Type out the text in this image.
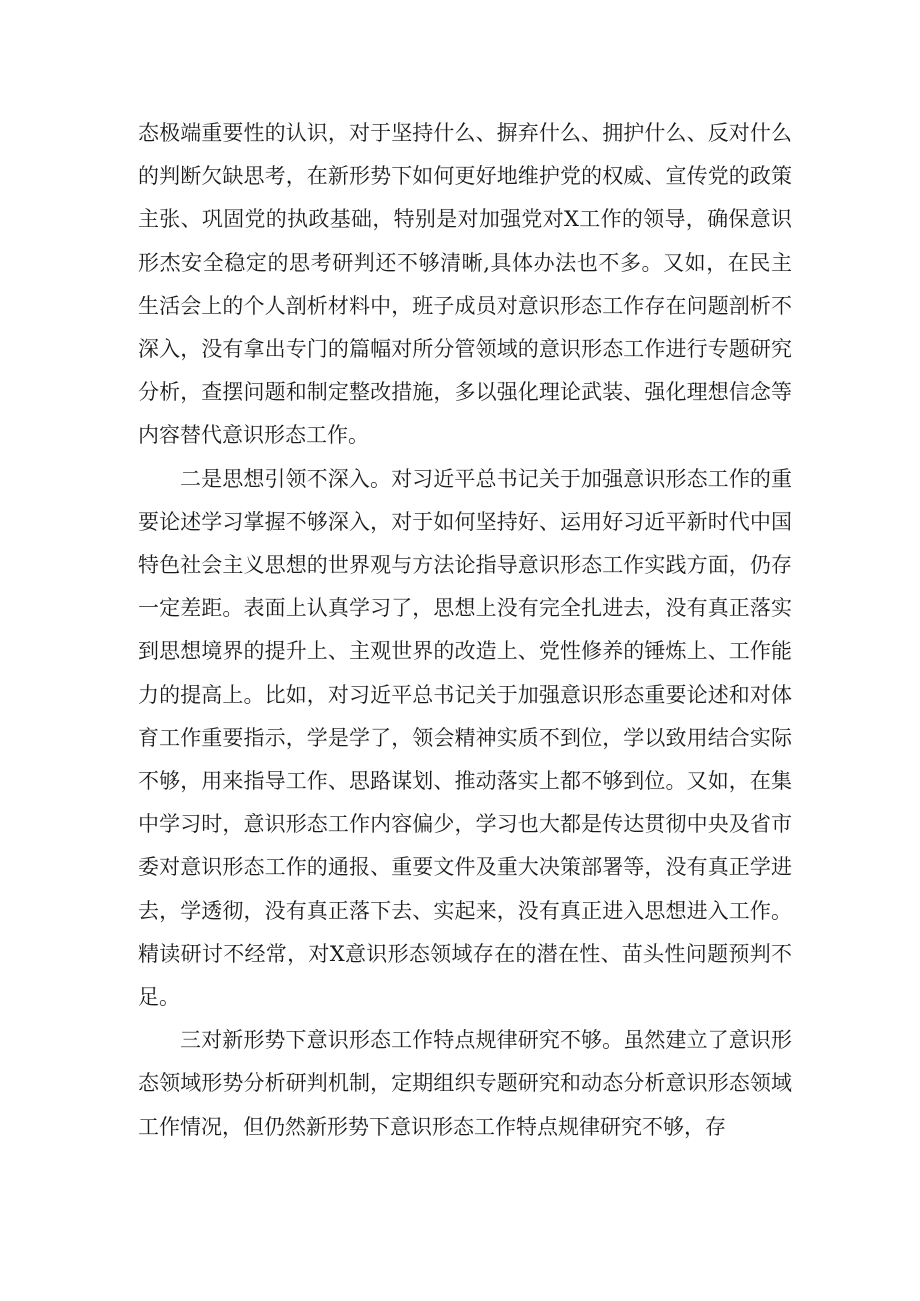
态极端重要性的认识，对于坚持什么、摒弃什么、拥护什么、反对什么的判断欠缺思考，在新形势下如何更好地维护党的权威、宣传党的政策主张、巩固党的执政基础，特别是对加强党对X工作的领导，确保意识形杰安全稳定的思考研判还不够清晰,具体办法也不多。又如，在民主生活会上的个人剖析材料中，班子成员对意识形态工作存在问题剖析不深入，没有拿出专门的篇幅对所分管领域的意识形态工作进行专题研究分析，查摆问题和制定整改措施，多以强化理论武装、强化理想信念等内容替代意识形态工作。

二是思想引领不深入。对习近平总书记关于加强意识形态工作的重要论述学习掌握不够深入，对于如何坚持好、运用好习近平新时代中国特色社会主义思想的世界观与方法论指导意识形态工作实践方面，仍存一定差距。表面上认真学习了，思想上没有完全扎进去，没有真正落实到思想境界的提升上、主观世界的改造上、党性修养的锤炼上、工作能力的提高上。比如，对习近平总书记关于加强意识形态重要论述和对体育工作重要指示，学是学了，领会精神实质不到位，学以致用结合实际不够，用来指导工作、思路谋划、推动落实上都不够到位。又如，在集中学习时，意识形态工作内容偏少，学习也大都是传达贯彻中央及省市委对意识形态工作的通报、重要文件及重大决策部署等，没有真正学进去，学透彻，没有真正落下去、实起来，没有真正进入思想进入工作。精读研讨不经常，对X意识形态领域存在的潜在性、苗头性问题预判不足。

三对新形势下意识形态工作特点规律研究不够。虽然建立了意识形态领域形势分析研判机制，定期组织专题研究和动态分析意识形态领域工作情况，但仍然新形势下意识形态工作特点规律研究不够，存
